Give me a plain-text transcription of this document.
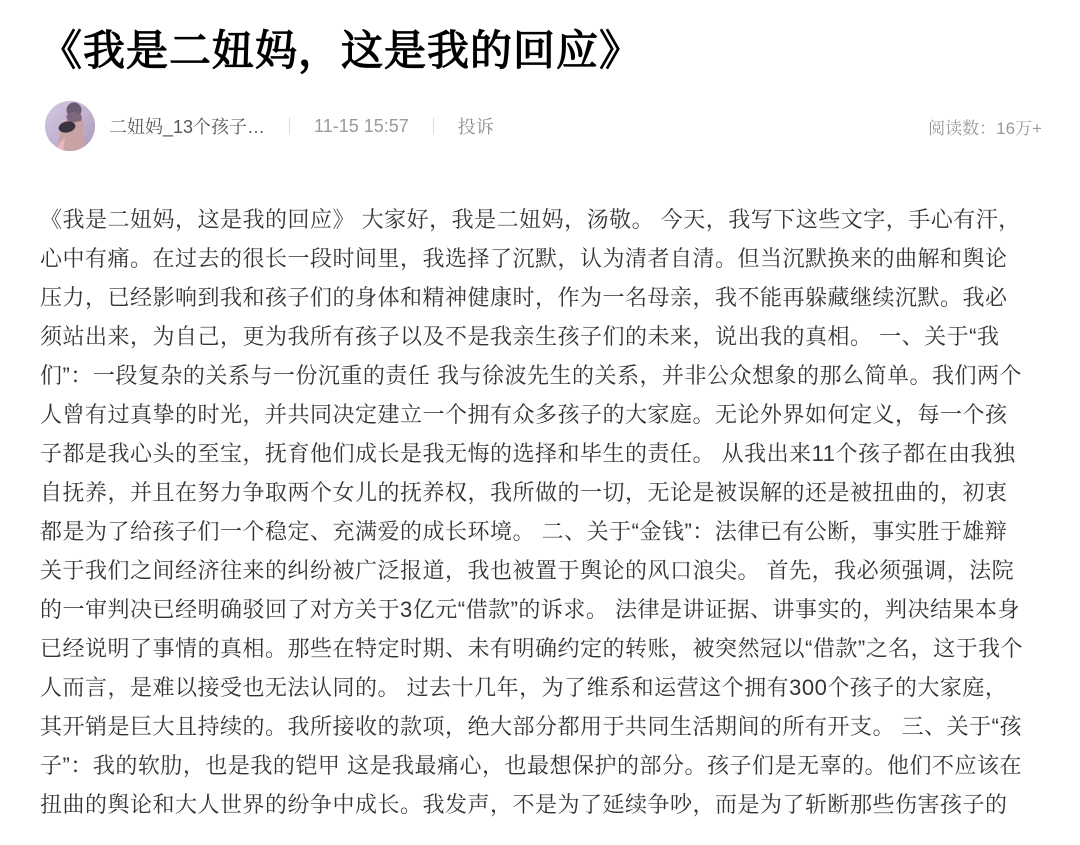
《我是二妞妈，这是我的回应》
二妞妈_13个孩子…	11-15 15:57	投诉	阅读数：16万+
《我是二妞妈，这是我的回应》 大家好，我是二妞妈，汤敬。 今天，我写下这些文字，手心有汗，
心中有痛。在过去的很长一段时间里，我选择了沉默，认为清者自清。但当沉默换来的曲解和舆论
压力，已经影响到我和孩子们的身体和精神健康时，作为一名母亲，我不能再躲藏继续沉默。我必
须站出来，为自己，更为我所有孩子以及不是我亲生孩子们的未来，说出我的真相。 一、关于“我
们”：一段复杂的关系与一份沉重的责任 我与徐波先生的关系，并非公众想象的那么简单。我们两个
人曾有过真挚的时光，并共同决定建立一个拥有众多孩子的大家庭。无论外界如何定义，每一个孩
子都是我心头的至宝，抚育他们成长是我无悔的选择和毕生的责任。 从我出来11个孩子都在由我独
自抚养，并且在努力争取两个女儿的抚养权，我所做的一切，无论是被误解的还是被扭曲的，初衷
都是为了给孩子们一个稳定、充满爱的成长环境。 二、关于“金钱”：法律已有公断，事实胜于雄辩
关于我们之间经济往来的纠纷被广泛报道，我也被置于舆论的风口浪尖。 首先，我必须强调，法院
的一审判决已经明确驳回了对方关于3亿元“借款”的诉求。 法律是讲证据、讲事实的，判决结果本身
已经说明了事情的真相。那些在特定时期、未有明确约定的转账，被突然冠以“借款”之名，这于我个
人而言，是难以接受也无法认同的。 过去十几年，为了维系和运营这个拥有300个孩子的大家庭，
其开销是巨大且持续的。我所接收的款项，绝大部分都用于共同生活期间的所有开支。 三、关于“孩
子”：我的软肋，也是我的铠甲 这是我最痛心，也最想保护的部分。孩子们是无辜的。他们不应该在
扭曲的舆论和大人世界的纷争中成长。我发声，不是为了延续争吵，而是为了斩断那些伤害孩子的
